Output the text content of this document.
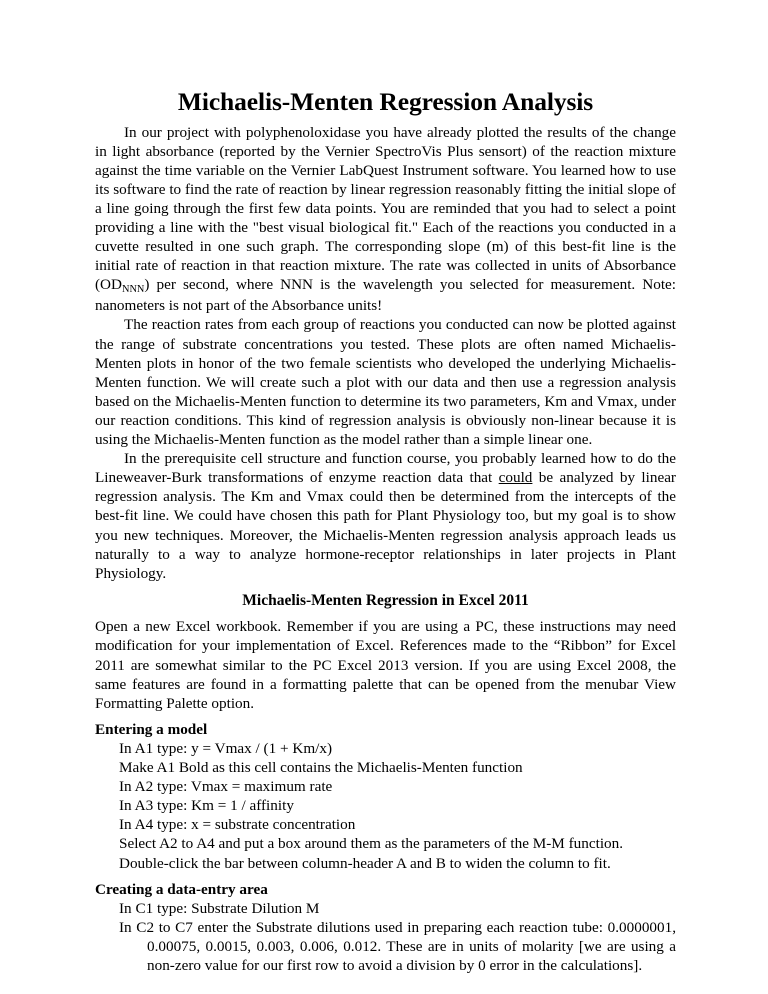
Michaelis-Menten Regression Analysis

In our project with polyphenoloxidase you have already plotted the results of the change in light absorbance (reported by the Vernier SpectroVis Plus sensort) of the reaction mixture against the time variable on the Vernier LabQuest Instrument software. You learned how to use its software to find the rate of reaction by linear regression reasonably fitting the initial slope of a line going through the first few data points. You are reminded that you had to select a point providing a line with the "best visual biological fit." Each of the reactions you conducted in a cuvette resulted in one such graph. The corresponding slope (m) of this best-fit line is the initial rate of reaction in that reaction mixture. The rate was collected in units of Absorbance $(OD_{NNN})$ per second, where NNN is the wavelength you selected for measurement. Note: nanometers is not part of the Absorbance units!

The reaction rates from each group of reactions you conducted can now be plotted against the range of substrate concentrations you tested. These plots are often named Michaelis-Menten plots in honor of the two female scientists who developed the underlying Michaelis-Menten function. We will create such a plot with our data and then use a regression analysis based on the Michaelis-Menten function to determine its two parameters, Km and Vmax, under our reaction conditions. This kind of regression analysis is obviously non-linear because it is using the Michaelis-Menten function as the model rather than a simple linear one.

In the prerequisite cell structure and function course, you probably learned how to do the Lineweaver-Burk transformations of enzyme reaction data that could be analyzed by linear regression analysis. The Km and Vmax could then be determined from the intercepts of the best-fit line. We could have chosen this path for Plant Physiology too, but my goal is to show you new techniques. Moreover, the Michaelis-Menten regression analysis approach leads us naturally to a way to analyze hormone-receptor relationships in later projects in Plant Physiology.

Michaelis-Menten Regression in Excel 2011

Open a new Excel workbook. Remember if you are using a PC, these instructions may need modification for your implementation of Excel. References made to the “Ribbon” for Excel 2011 are somewhat similar to the PC Excel 2013 version. If you are using Excel 2008, the same features are found in a formatting palette that can be opened from the menubar View Formatting Palette option.

Entering a model
In A1 type: y = Vmax / (1 + Km/x)
Make A1 Bold as this cell contains the Michaelis-Menten function
In A2 type: Vmax = maximum rate
In A3 type: Km = 1 / affinity
In A4 type: x = substrate concentration
Select A2 to A4 and put a box around them as the parameters of the M-M function.
Double-click the bar between column-header A and B to widen the column to fit.
Creating a data-entry area
In C1 type: Substrate Dilution M
In C2 to C7 enter the Substrate dilutions used in preparing each reaction tube: 0.0000001, 0.00075, 0.0015, 0.003, 0.006, 0.012. These are in units of molarity [we are using a non-zero value for our first row to avoid a division by 0 error in the calculations].
